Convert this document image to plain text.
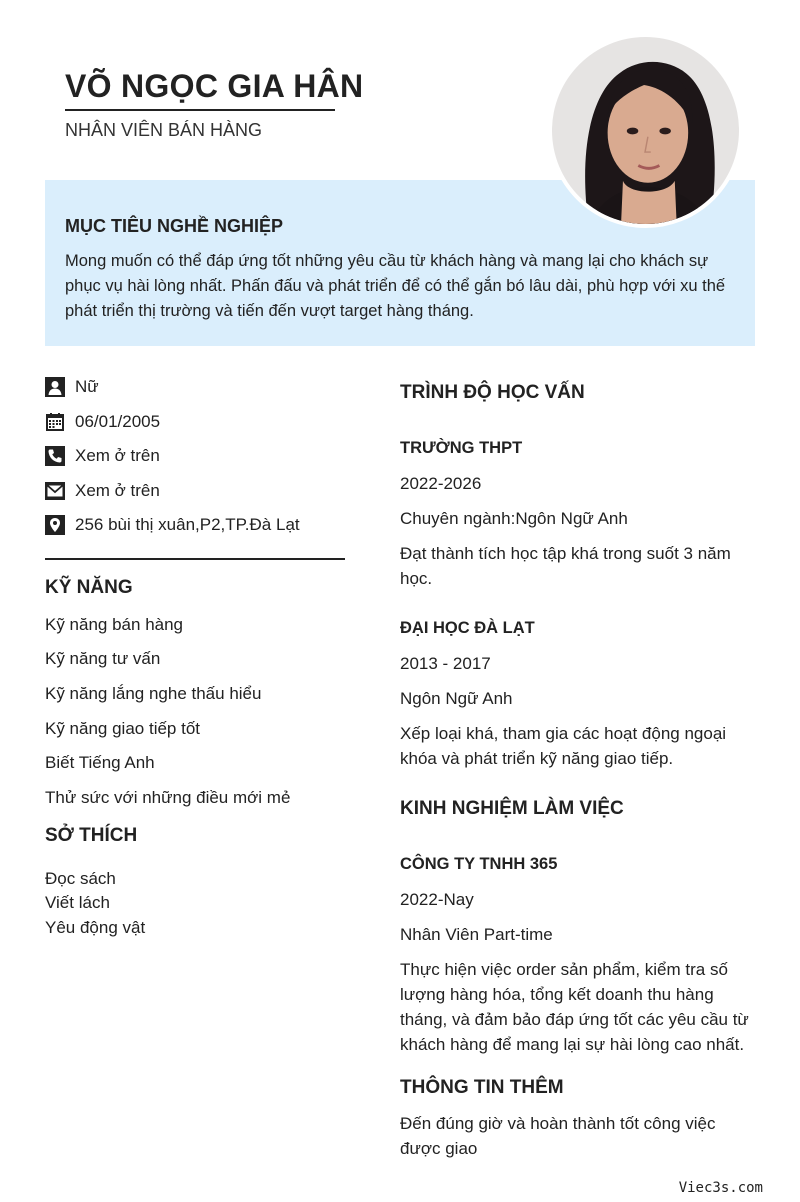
VÕ NGỌC GIA HÂN
NHÂN VIÊN BÁN HÀNG
MỤC TIÊU NGHỀ NGHIỆP

Mong muốn có thể đáp ứng tốt những yêu cầu từ khách hàng và mang lại cho khách sự phục vụ hài lòng nhất. Phấn đấu và phát triển để có thể gắn bó lâu dài, phù hợp với xu thế phát triển thị trường và tiến đến vượt target hàng tháng.

Nữ
06/01/2005
Xem ở trên
Xem ở trên
256 bùi thị xuân,P2,TP.Đà Lạt
KỸ NĂNG
Kỹ năng bán hàng
Kỹ năng tư vấn
Kỹ năng lắng nghe thấu hiểu
Kỹ năng giao tiếp tốt
Biết Tiếng Anh
Thử sức với những điều mới mẻ
SỞ THÍCH
Đọc sách
Viết lách
Yêu động vật
TRÌNH ĐỘ HỌC VẤN
TRƯỜNG THPT
2022-2026
Chuyên ngành:Ngôn Ngữ Anh
Đạt thành tích học tập khá trong suốt 3 năm học.
ĐẠI HỌC ĐÀ LẠT
2013 - 2017
Ngôn Ngữ Anh
Xếp loại khá, tham gia các hoạt động ngoại khóa và phát triển kỹ năng giao tiếp.
KINH NGHIỆM LÀM VIỆC
CÔNG TY TNHH 365
2022-Nay
Nhân Viên Part-time
Thực hiện việc order sản phẩm, kiểm tra số lượng hàng hóa, tổng kết doanh thu hàng tháng, và đảm bảo đáp ứng tốt các yêu cầu từ khách hàng để mang lại sự hài lòng cao nhất.
THÔNG TIN THÊM
Đến đúng giờ và hoàn thành tốt công việc được giao
Viec3s.com
